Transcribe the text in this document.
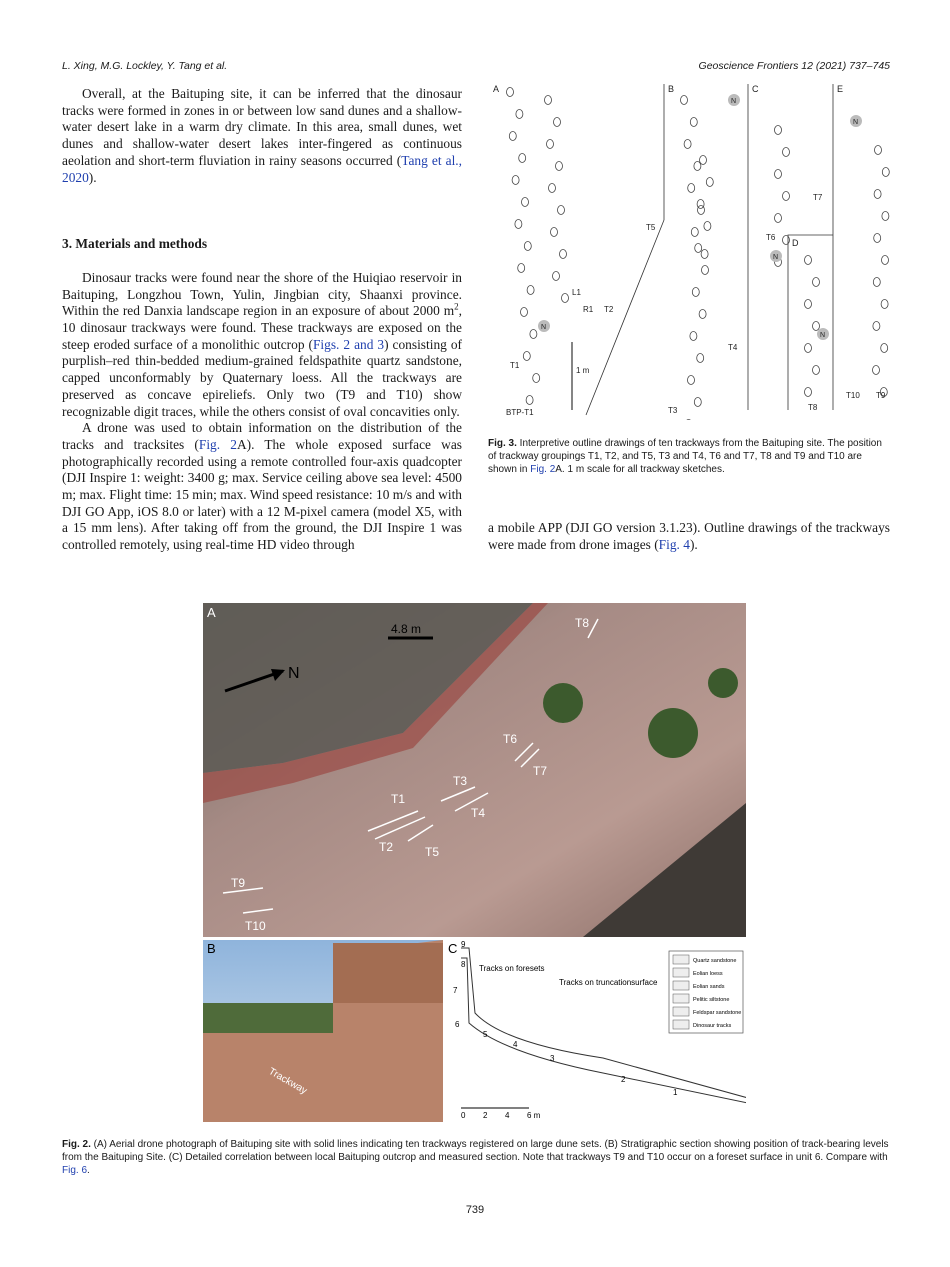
L. Xing, M.G. Lockley, Y. Tang et al.	Geoscience Frontiers 12 (2021) 737–745

Overall, at the Baituping site, it can be inferred that the dinosaur tracks were formed in zones in or between low sand dunes and a shallow-water desert lake in a warm dry climate. In this area, small dunes, wet dunes and shallow-water desert lakes inter-fingered as continuous aeolation and short-term fluviation in rainy seasons occurred (Tang et al., 2020).

3. Materials and methods

Dinosaur tracks were found near the shore of the Huiqiao reservoir in Baituping, Longzhou Town, Yulin, Jingbian city, Shaanxi province. Within the red Danxia landscape region in an exposure of about 2000 $m^2$, 10 dinosaur trackways were found. These trackways are exposed on the steep eroded surface of a monolithic outcrop (Figs. 2 and 3) consisting of purplish–red thin-bedded medium-grained feldspathite quartz sandstone, capped unconformably by Quaternary loess. All the trackways are preserved as concave epireliefs. Only two (T9 and T10) show recognizable digit traces, while the others consist of oval concavities only.

A drone was used to obtain information on the distribution of the tracks and tracksites (Fig. 2A). The whole exposed surface was photographically recorded using a remote controlled four-axis quadcopter (DJI Inspire 1: weight: 3400 g; max. Service ceiling above sea level: 4500 m; max. Flight time: 15 min; max. Wind speed resistance: 10 m/s and with DJI GO App, iOS 8.0 or later) with a 12 M-pixel camera (model X5, with a 15 mm lens). After taking off from the ground, the DJI Inspire 1 was controlled remotely, using real-time HD video through

A	B	C
D
E
BTP-T1
1 m
T1
T2
T3
T4
T5
T6
T7
T8
T9
T10
R1
L1
N
N
N
N
N
Fig. 3. Interpretive outline drawings of ten trackways from the Baituping site. The position of trackway groupings T1, T2, and T5, T3 and T4, T6 and T7, T8 and T9 and T10 are shown in Fig. 2A. 1 m scale for all trackway sketches.

a mobile APP (DJI GO version 3.1.23). Outline drawings of the trackways were made from drone images (Fig. 4).

A
4.8 m
N
T1
T2
T3
T4
T5
T6
T7
T8
T9
T10
B
Trackway
C 9
8
7
6
5
4
3
2
1
Tracks on foresets
Tracks on truncationsurface
0 2 4 6 m
Quartz sandstone
Eolian loess
Eolian sands
Pelitic siltstone
Feldspar sandstone
Dinosaur tracks
Fig. 2. (A) Aerial drone photograph of Baituping site with solid lines indicating ten trackways registered on large dune sets. (B) Stratigraphic section showing position of track-bearing levels from the Baituping Site. (C) Detailed correlation between local Baituping outcrop and measured section. Note that trackways T9 and T10 occur on a foreset surface in unit 6. Compare with Fig. 6.
739
